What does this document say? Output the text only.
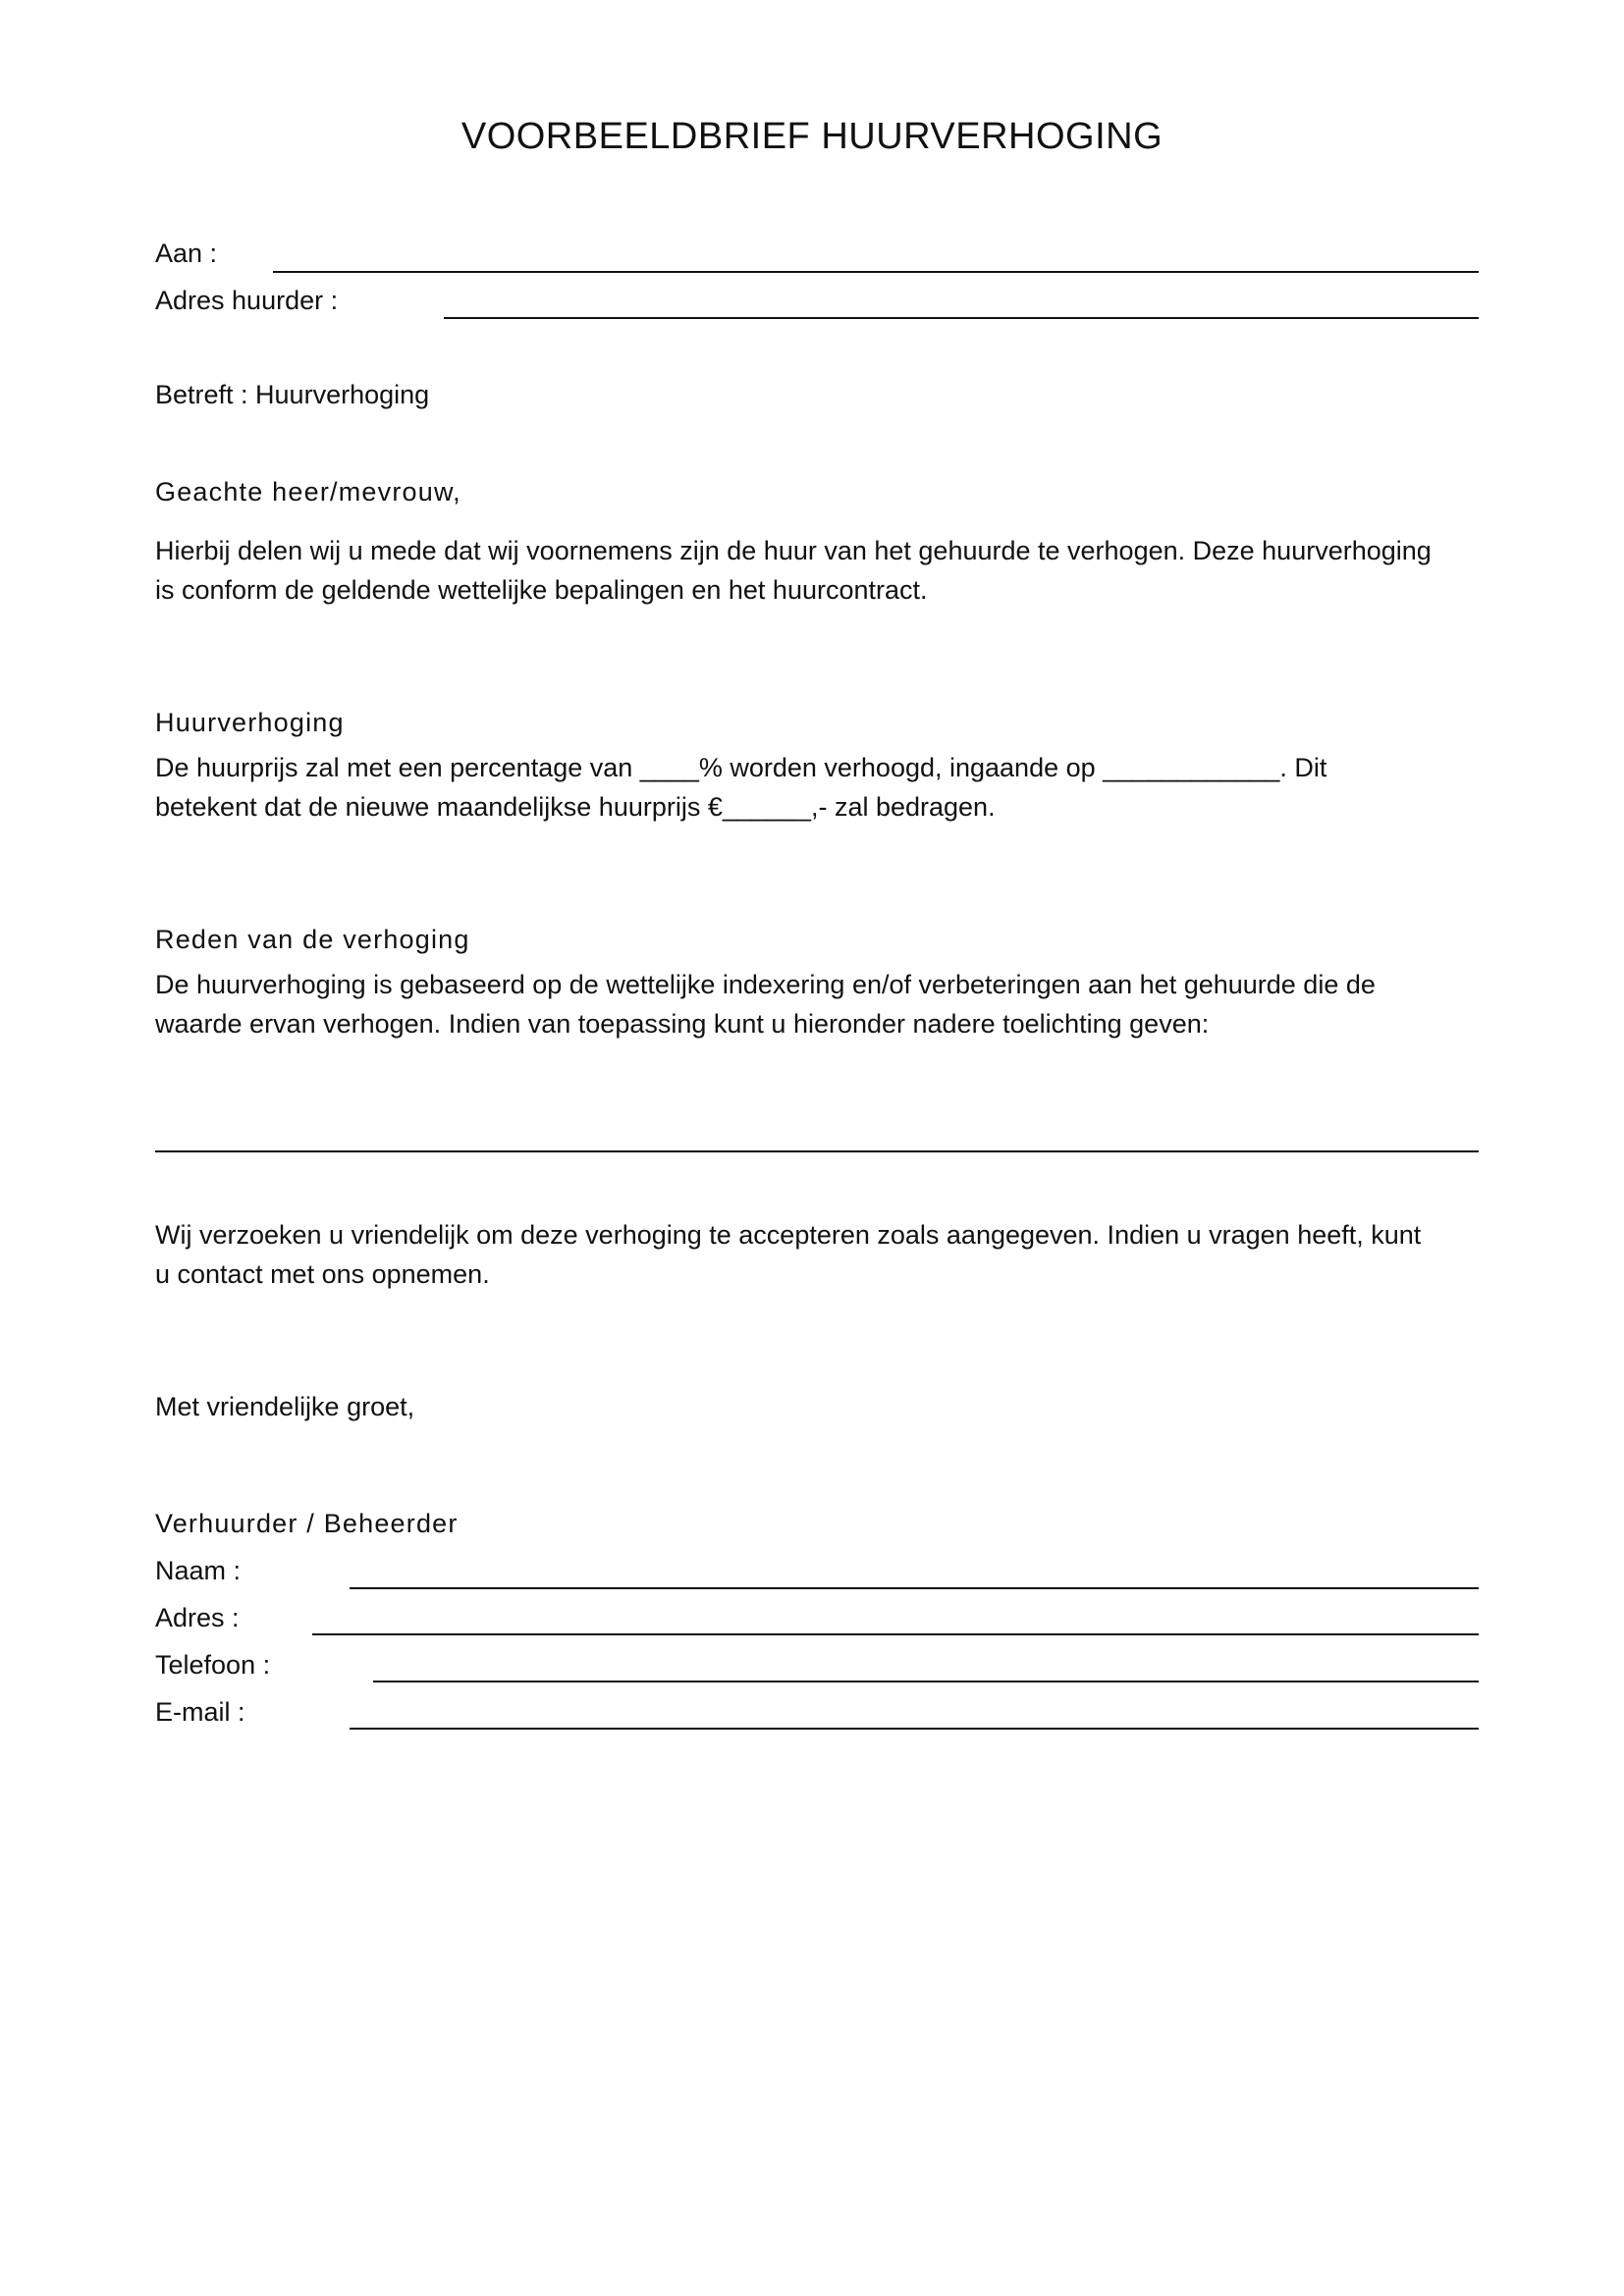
VOORBEELDBRIEF HUURVERHOGING
Aan :
Adres huurder :
Betreft : Huurverhoging
Geachte heer/mevrouw,
Hierbij delen wij u mede dat wij voornemens zijn de huur van het gehuurde te verhogen. Deze huurverhoging
is conform de geldende wettelijke bepalingen en het huurcontract.
Huurverhoging
De huurprijs zal met een percentage van ____% worden verhoogd, ingaande op ____________. Dit
betekent dat de nieuwe maandelijkse huurprijs €______,- zal bedragen.
Reden van de verhoging
De huurverhoging is gebaseerd op de wettelijke indexering en/of verbeteringen aan het gehuurde die de
waarde ervan verhogen. Indien van toepassing kunt u hieronder nadere toelichting geven:
Wij verzoeken u vriendelijk om deze verhoging te accepteren zoals aangegeven. Indien u vragen heeft, kunt
u contact met ons opnemen.
Met vriendelijke groet,
Verhuurder / Beheerder
Naam :
Adres :
Telefoon :
E-mail :
